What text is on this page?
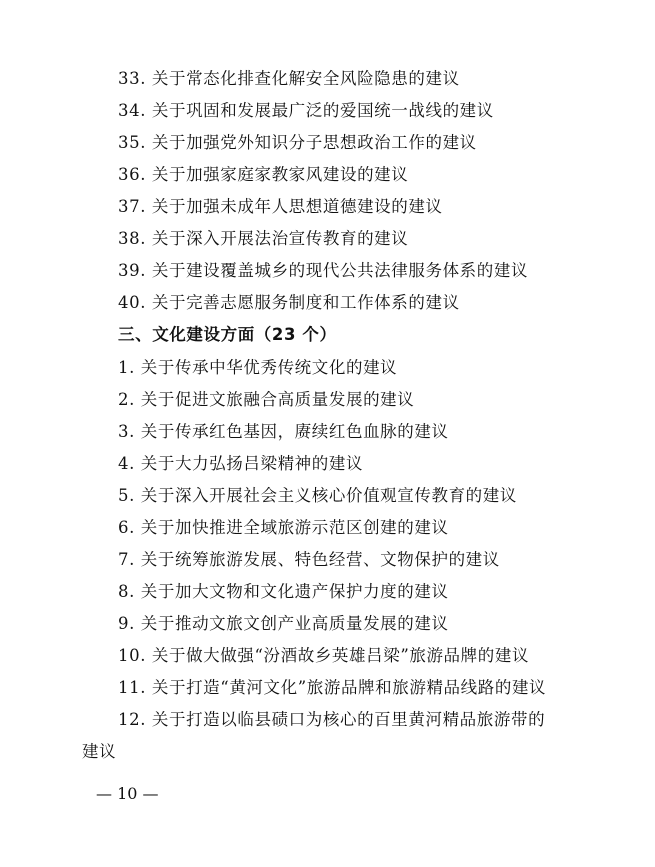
33. 关于常态化排查化解安全风险隐患的建议
34. 关于巩固和发展最广泛的爱国统一战线的建议
35. 关于加强党外知识分子思想政治工作的建议
36. 关于加强家庭家教家风建设的建议
37. 关于加强未成年人思想道德建设的建议
38. 关于深入开展法治宣传教育的建议
39. 关于建设覆盖城乡的现代公共法律服务体系的建议
40. 关于完善志愿服务制度和工作体系的建议
三、文化建设方面（23 个）
1. 关于传承中华优秀传统文化的建议
2. 关于促进文旅融合高质量发展的建议
3. 关于传承红色基因，赓续红色血脉的建议
4. 关于大力弘扬吕梁精神的建议
5. 关于深入开展社会主义核心价值观宣传教育的建议
6. 关于加快推进全域旅游示范区创建的建议
7. 关于统筹旅游发展、特色经营、文物保护的建议
8. 关于加大文物和文化遗产保护力度的建议
9. 关于推动文旅文创产业高质量发展的建议
10. 关于做大做强“汾酒故乡英雄吕梁”旅游品牌的建议
11. 关于打造“黄河文化”旅游品牌和旅游精品线路的建议
12. 关于打造以临县碛口为核心的百里黄河精品旅游带的
建议
— 10 —
